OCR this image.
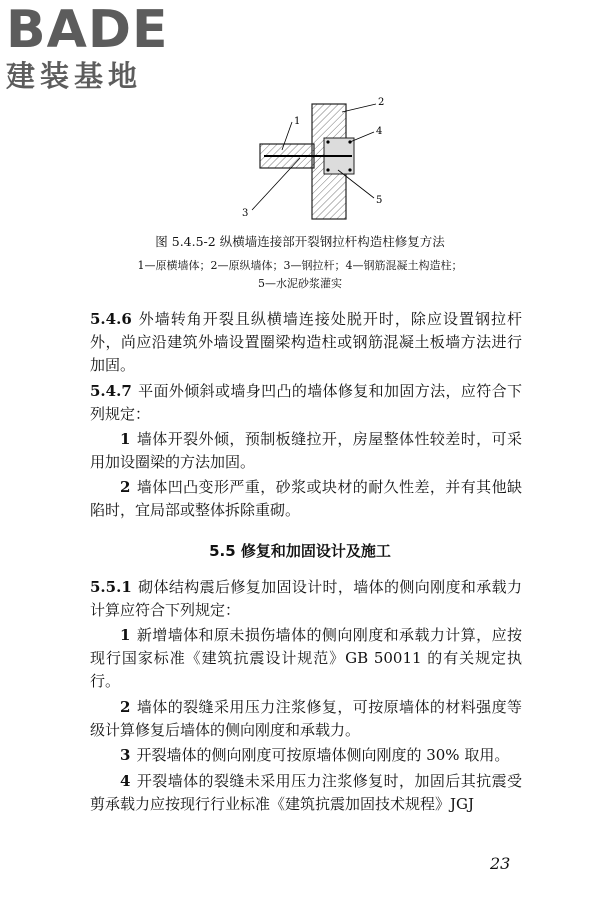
BADE
建装基地
1
2
3
4
5
图 5.4.5-2 纵横墙连接部开裂钢拉杆构造柱修复方法
1—原横墙体；2—原纵墙体；3—钢拉杆；4—钢筋混凝土构造柱；
5—水泥砂浆灌实
5.4.6 外墙转角开裂且纵横墙连接处脱开时，除应设置钢拉杆外，尚应沿建筑外墙设置圈梁构造柱或钢筋混凝土板墙方法进行加固。
5.4.7 平面外倾斜或墙身凹凸的墙体修复和加固方法，应符合下列规定：
1 墙体开裂外倾，预制板缝拉开，房屋整体性较差时，可采用加设圈梁的方法加固。
2 墙体凹凸变形严重，砂浆或块材的耐久性差，并有其他缺陷时，宜局部或整体拆除重砌。
5.5 修复和加固设计及施工
5.5.1 砌体结构震后修复加固设计时，墙体的侧向刚度和承载力计算应符合下列规定：
1 新增墙体和原未损伤墙体的侧向刚度和承载力计算，应按现行国家标准《建筑抗震设计规范》GB 50011 的有关规定执行。
2 墙体的裂缝采用压力注浆修复，可按原墙体的材料强度等级计算修复后墙体的侧向刚度和承载力。
3 开裂墙体的侧向刚度可按原墙体侧向刚度的 30% 取用。
4 开裂墙体的裂缝未采用压力注浆修复时，加固后其抗震受剪承载力应按现行行业标准《建筑抗震加固技术规程》JGJ
23
